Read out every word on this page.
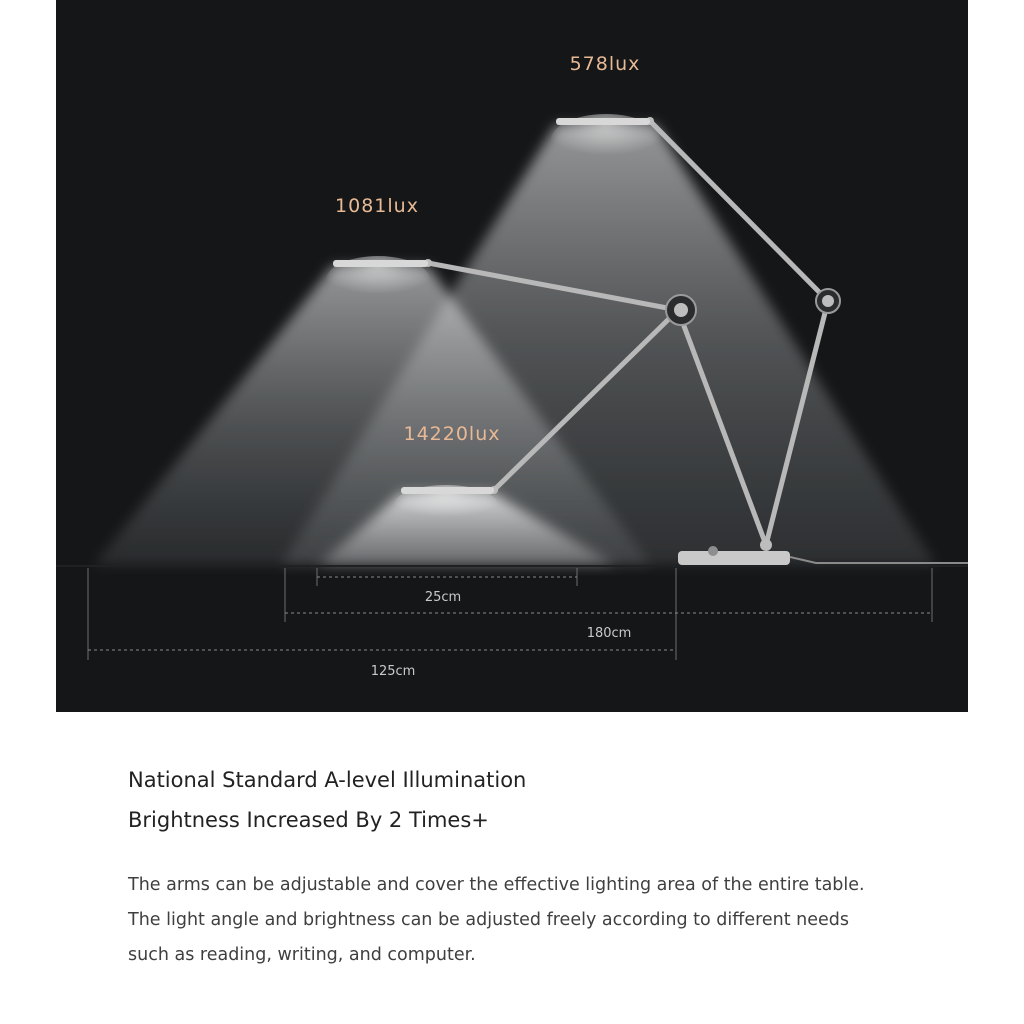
578lux
1081lux
14220lux
25cm
180cm
125cm
National Standard A-level Illumination
Brightness Increased By 2 Times+

The arms can be adjustable and cover the effective lighting area of the entire table.
The light angle and brightness can be adjusted freely according to different needs
such as reading, writing, and computer.
